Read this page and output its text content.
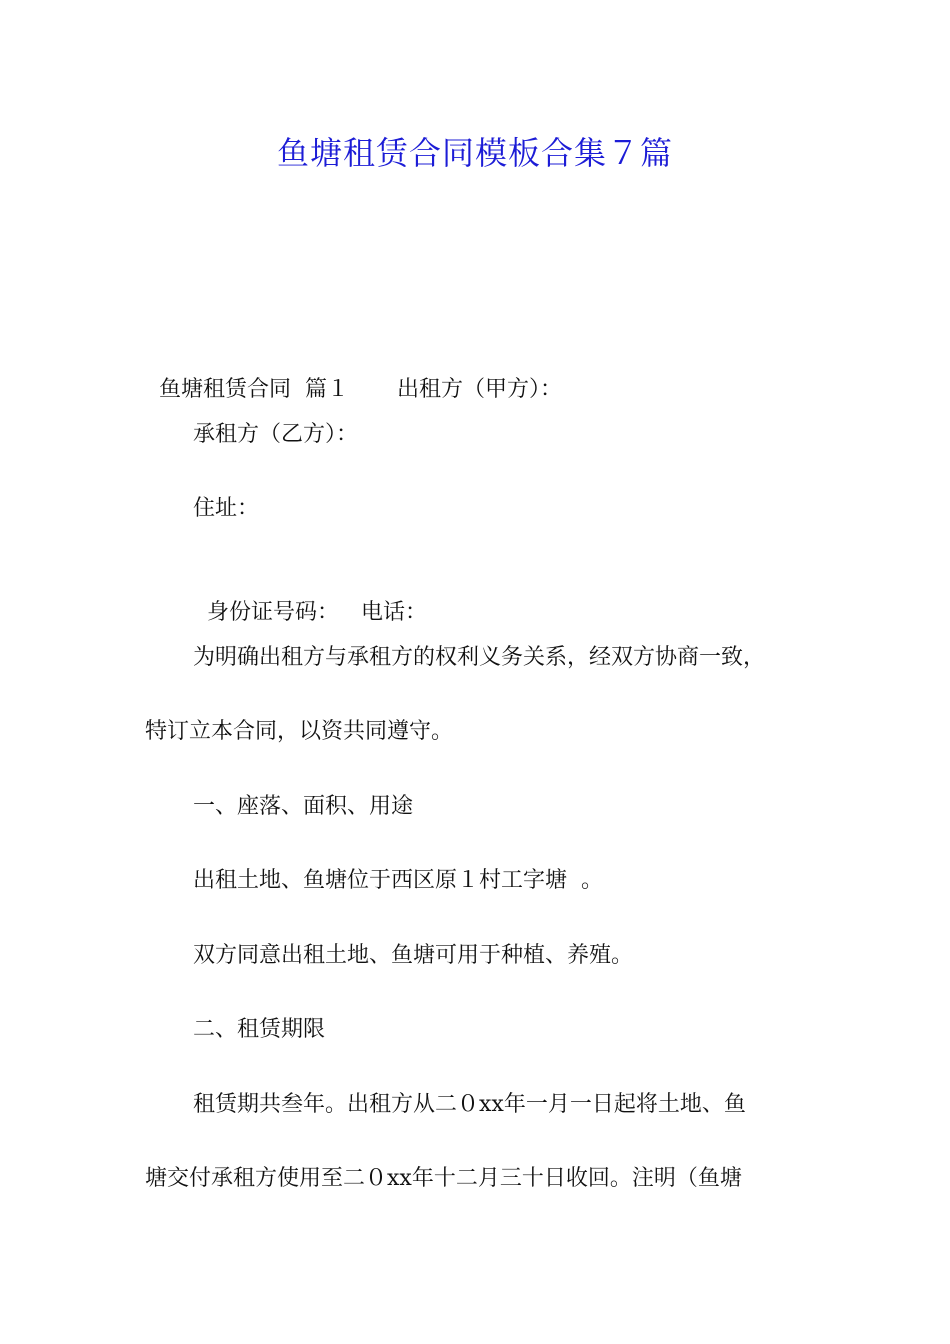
鱼塘租赁合同模板合集７篇

鱼塘租赁合同  篇１ 出租方（甲方）：

承租方（乙方）：

住址：

身份证号码： 电话：

为明确出租方与承租方的权利义务关系，经双方协商一致，

特订立本合同，以资共同遵守。

一、座落、面积、用途

出租土地、鱼塘位于西区原１村工字塘  。

双方同意出租土地、鱼塘可用于种植、养殖。

二、租赁期限

租赁期共叁年。出租方从二０xx年一月一日起将土地、鱼

塘交付承租方使用至二０xx年十二月三十日收回。注明（鱼塘
